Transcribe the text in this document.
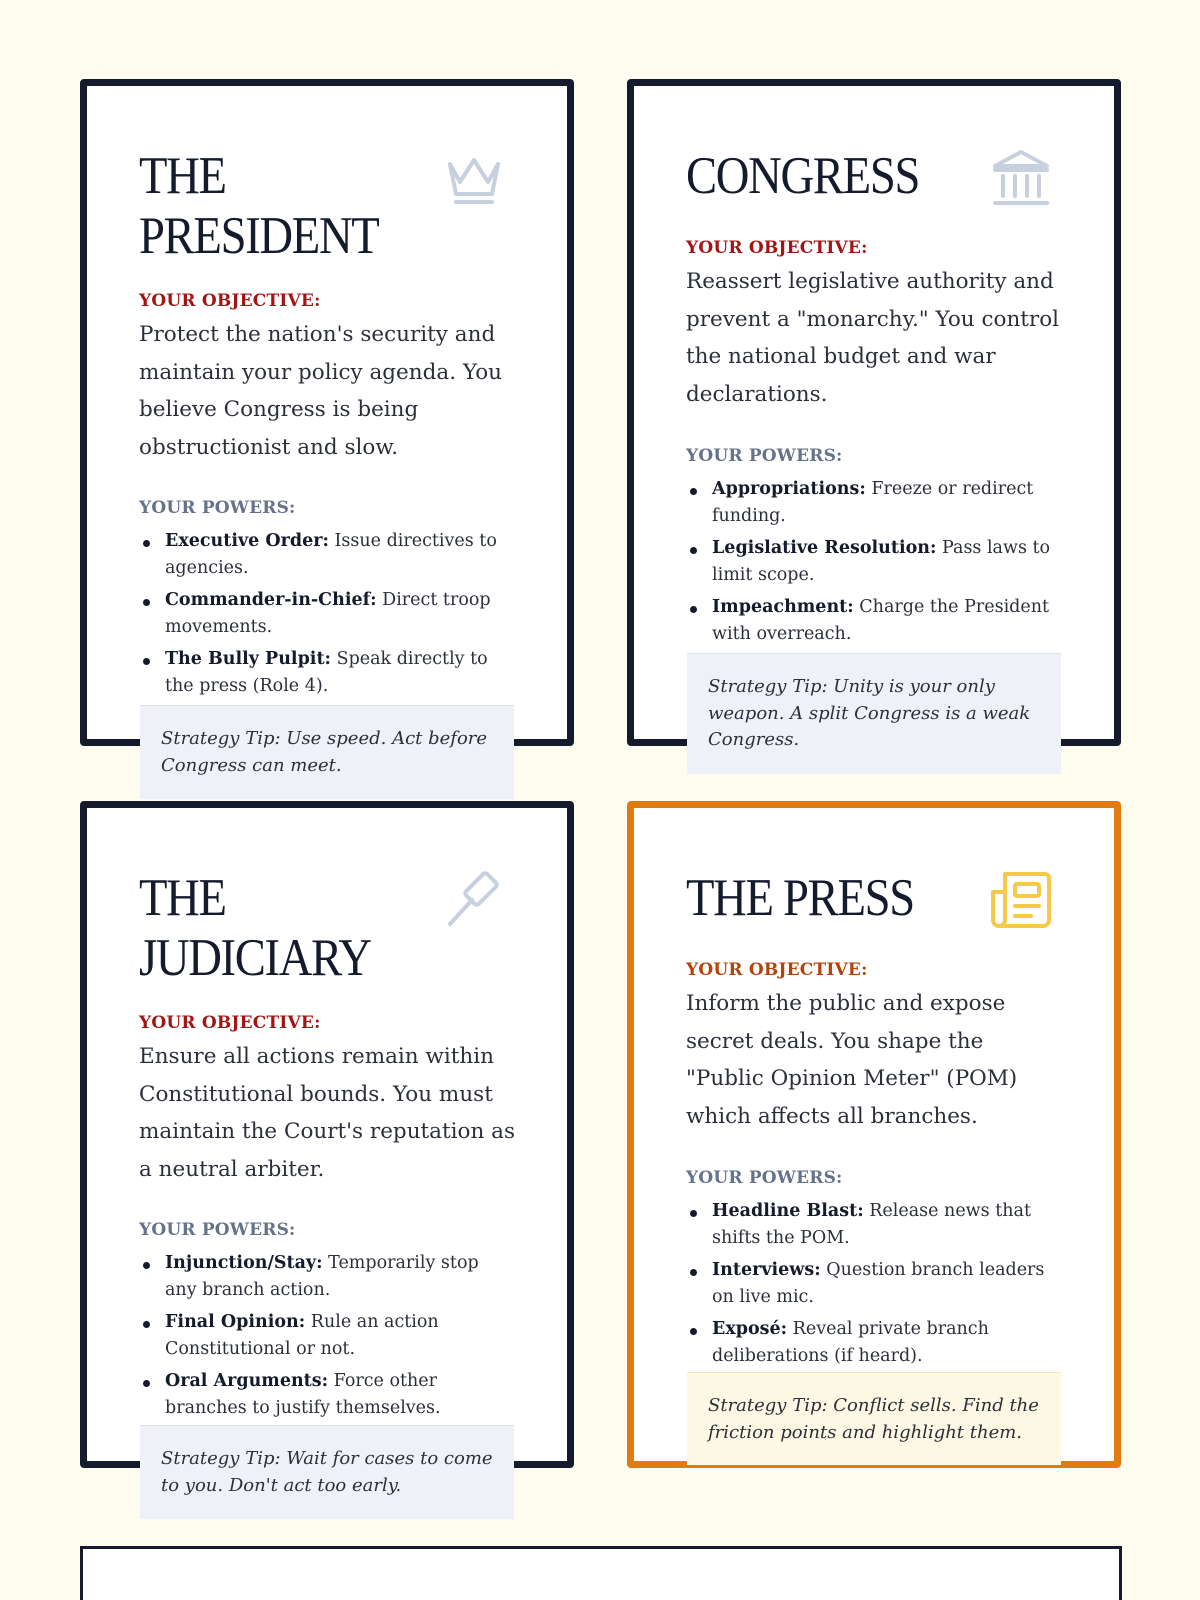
THE
PRESIDENT
YOUR OBJECTIVE:
Protect the nation's security and maintain your policy agenda. You believe Congress is being obstructionist and slow.
YOUR POWERS:
Executive Order: Issue directives to agencies.
Commander-in-Chief: Direct troop movements.
The Bully Pulpit: Speak directly to the press (Role 4).
Strategy Tip: Use speed. Act before Congress can meet.
CONGRESS
YOUR OBJECTIVE:
Reassert legislative authority and prevent a "monarchy." You control the national budget and war declarations.
YOUR POWERS:
Appropriations: Freeze or redirect funding.
Legislative Resolution: Pass laws to limit scope.
Impeachment: Charge the President with overreach.
Strategy Tip: Unity is your only weapon. A split Congress is a weak Congress.
THE
JUDICIARY
YOUR OBJECTIVE:
Ensure all actions remain within Constitutional bounds. You must maintain the Court's reputation as a neutral arbiter.
YOUR POWERS:
Injunction/Stay: Temporarily stop any branch action.
Final Opinion: Rule an action Constitutional or not.
Oral Arguments: Force other branches to justify themselves.
Strategy Tip: Wait for cases to come to you. Don't act too early.
THE PRESS
YOUR OBJECTIVE:
Inform the public and expose secret deals. You shape the "Public Opinion Meter" (POM) which affects all branches.
YOUR POWERS:
Headline Blast: Release news that shifts the POM.
Interviews: Question branch leaders on live mic.
Exposé: Reveal private branch deliberations (if heard).
Strategy Tip: Conflict sells. Find the friction points and highlight them.
